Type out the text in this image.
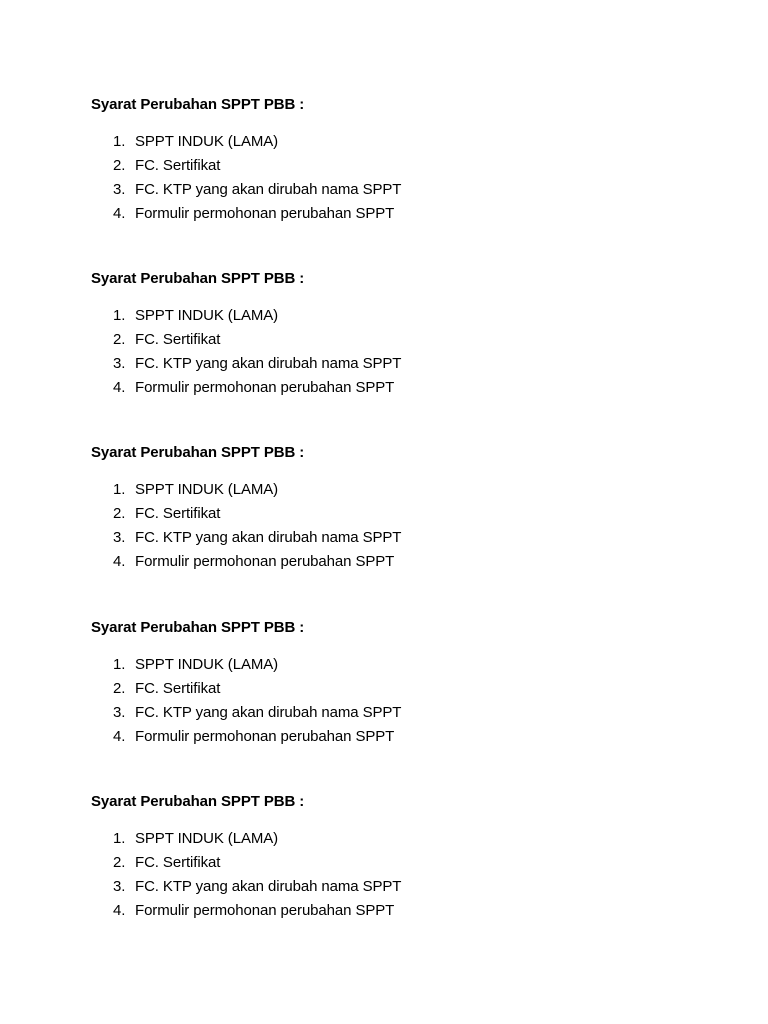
Syarat Perubahan SPPT PBB :

1. SPPT INDUK (LAMA)
2. FC. Sertifikat
3. FC. KTP yang akan dirubah nama SPPT
4. Formulir permohonan perubahan SPPT

Syarat Perubahan SPPT PBB :

1. SPPT INDUK (LAMA)
2. FC. Sertifikat
3. FC. KTP yang akan dirubah nama SPPT
4. Formulir permohonan perubahan SPPT

Syarat Perubahan SPPT PBB :

1. SPPT INDUK (LAMA)
2. FC. Sertifikat
3. FC. KTP yang akan dirubah nama SPPT
4. Formulir permohonan perubahan SPPT

Syarat Perubahan SPPT PBB :

1. SPPT INDUK (LAMA)
2. FC. Sertifikat
3. FC. KTP yang akan dirubah nama SPPT
4. Formulir permohonan perubahan SPPT

Syarat Perubahan SPPT PBB :

1. SPPT INDUK (LAMA)
2. FC. Sertifikat
3. FC. KTP yang akan dirubah nama SPPT
4. Formulir permohonan perubahan SPPT
